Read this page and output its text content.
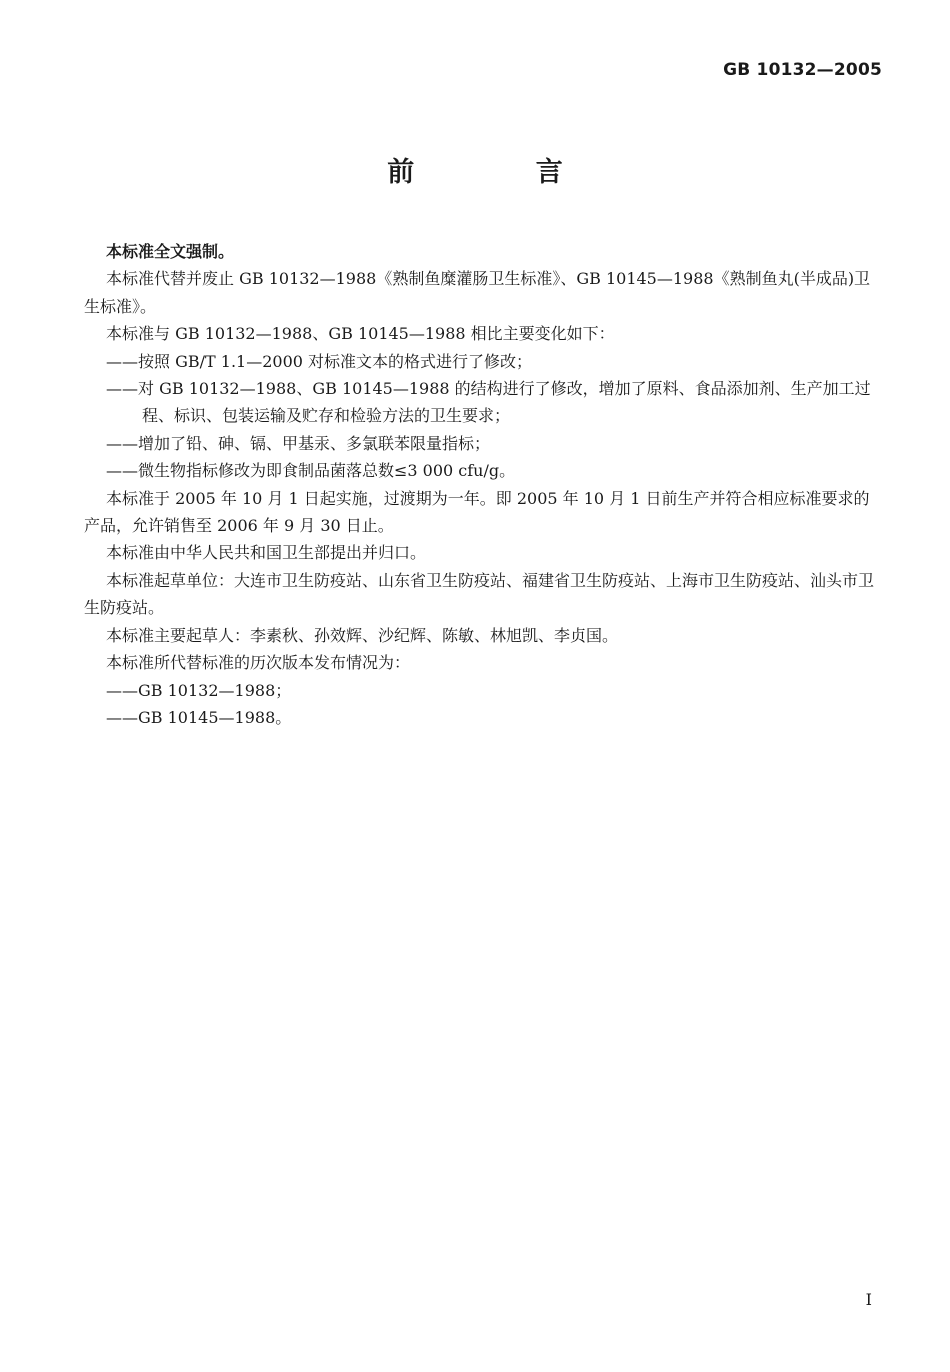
GB 10132—2005
前 言

本标准全文强制。

本标准代替并废止 GB 10132—1988《熟制鱼糜灌肠卫生标准》、GB 10145—1988《熟制鱼丸(半成品)卫生标准》。

本标准与 GB 10132—1988、GB 10145—1988 相比主要变化如下：

——按照 GB/T 1.1—2000 对标准文本的格式进行了修改；

——对 GB 10132—1988、GB 10145—1988 的结构进行了修改，增加了原料、食品添加剂、生产加工过程、标识、包装运输及贮存和检验方法的卫生要求；

——增加了铅、砷、镉、甲基汞、多氯联苯限量指标；

——微生物指标修改为即食制品菌落总数≤3 000 cfu/g。

本标准于 2005 年 10 月 1 日起实施，过渡期为一年。即 2005 年 10 月 1 日前生产并符合相应标准要求的产品，允许销售至 2006 年 9 月 30 日止。

本标准由中华人民共和国卫生部提出并归口。

本标准起草单位：大连市卫生防疫站、山东省卫生防疫站、福建省卫生防疫站、上海市卫生防疫站、汕头市卫生防疫站。

本标准主要起草人：李素秋、孙效辉、沙纪辉、陈敏、林旭凯、李贞国。

本标准所代替标准的历次版本发布情况为：

——GB 10132—1988；

——GB 10145—1988。

I
